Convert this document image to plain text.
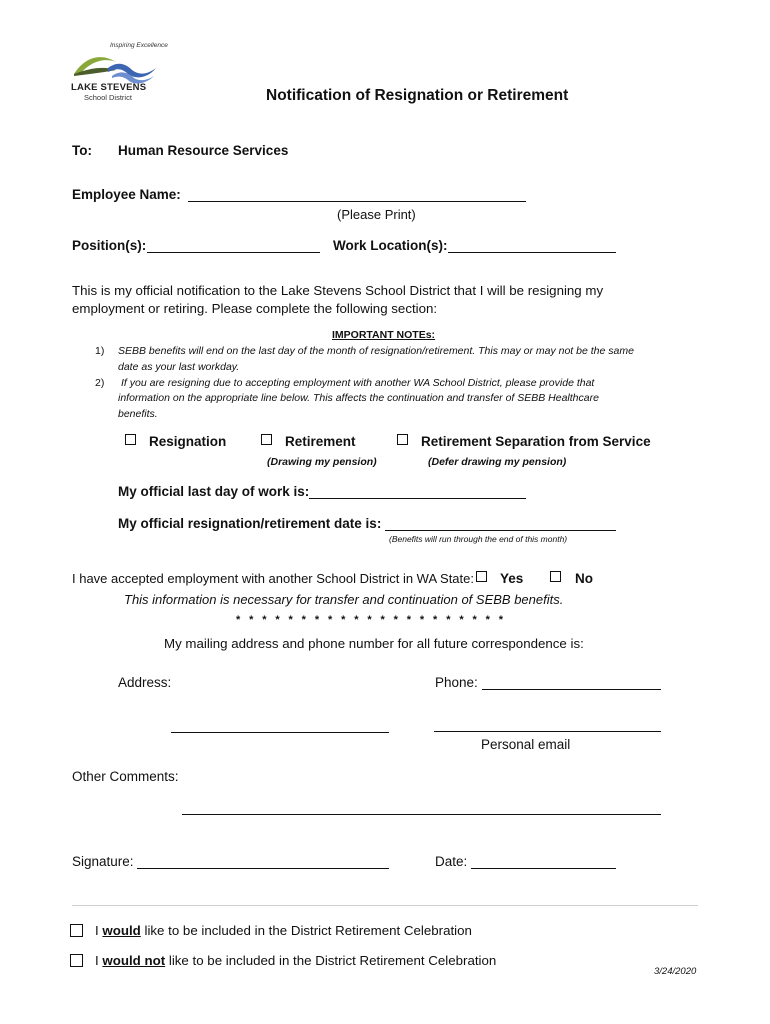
Inspiring Excellence
LAKE STEVENS
School District	Notification of Resignation or Retirement
To: Human Resource Services
Employee Name:
(Please Print)
Position(s):	Work Location(s):
This is my official notification to the Lake Stevens School District that I will be resigning my
employment or retiring. Please complete the following section:
IMPORTANT NOTEs:
1) SEBB benefits will end on the last day of the month of resignation/retirement. This may or may not be the same
date as your last workday.
2) If you are resigning due to accepting employment with another WA School District, please provide that
information on the appropriate line below. This affects the continuation and transfer of SEBB Healthcare
benefits.
Resignation	Retirement
(Drawing my pension)
Retirement Separation from Service
(Defer drawing my pension)
My official last day of work is:
My official resignation/retirement date is:
(Benefits will run through the end of this month)
I have accepted employment with another School District in WA State: Yes	No
This information is necessary for transfer and continuation of SEBB benefits.
* * * * * * * * * * * * * * * * * * * * *
My mailing address and phone number for all future correspondence is:
Address:	Phone:
Personal email
Other Comments:
Signature:	Date:
I would like to be included in the District Retirement Celebration
I would not like to be included in the District Retirement Celebration
3/24/2020
